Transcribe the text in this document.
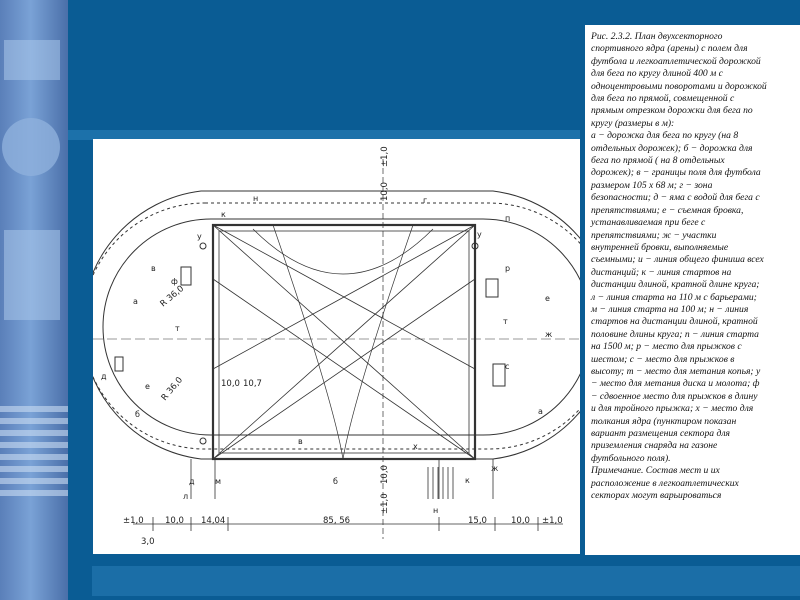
±1,0	10,0 14,04	85, 56	15,0	10,0 ±1,0
3,0
±1,0
10,0
±1,0
10,0
R 36,0
R 36,0	10,0 10,7
а
а
в
б
б
в
г
д
д
е
е
ж
ж
к
к
л
м
н
н
п
р
с
т
т
у	у
ф
х

Рис. 2.3.2. План двухсекторного

спортивного ядра (арены) с полем для

футбола и легкоатлетической дорожкой

для бега по кругу длиной 400 м с

одноцентровыми поворотами и дорожкой

для бега по прямой, совмещенной с

прямым отрезком дорожки для бега по

кругу (размеры в м):

а − дорожка для бега по кругу (на 8

отдельных дорожек); б − дорожка для

бега по прямой ( на 8 отдельных

дорожек); в − границы поля для футбола

размером 105 х 68 м; г − зона

безопасности; д − яма с водой для бега с

препятствиями; е − съемная бровка,

устанавливаемая при беге с

препятствиями; ж − участки

внутренней бровки, выполняемые

съемными; и − линия общего финиша всех

дистанций; к − линия стартов на

дистанции длиной, кратной длине круга;

л − линия старта на 110 м с барьерами;

м − линия старта на 100 м; н − линия

стартов на дистанции длиной, кратной

половине длины круга; п − линия старта

на 1500 м; р − место для прыжков с

шестом; с − место для прыжков в

высоту; т − место для метания копья; у

− место для метания диска и молота; ф

− сдвоенное место для прыжков в длину

и для тройного прыжка; х − место для

толкания ядра (пунктиром показан

вариант размещения сектора для

приземления снаряда на газоне

футбольного поля).

Примечание. Состав мест и их

расположение в легкоатлетических

секторах могут варьироваться
